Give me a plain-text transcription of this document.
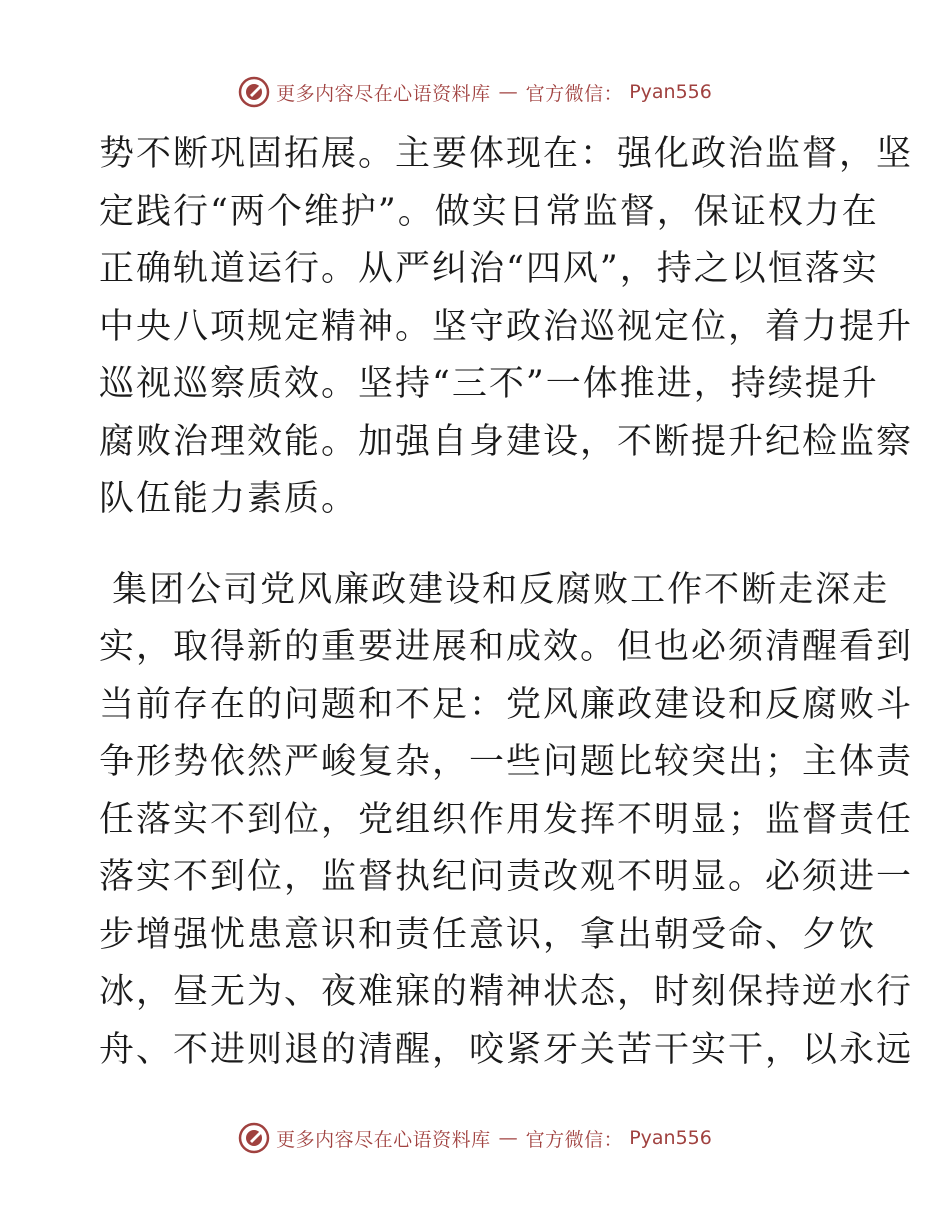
更多内容尽在心语资料库 — 官方微信： Pyan556

势不断巩固拓展。主要体现在：强化政治监督，坚
定践行“两个维护”。做实日常监督，保证权力在
正确轨道运行。从严纠治“四风”，持之以恒落实
中央八项规定精神。坚守政治巡视定位，着力提升
巡视巡察质效。坚持“三不”一体推进，持续提升
腐败治理效能。加强自身建设，不断提升纪检监察
队伍能力素质。

集团公司党风廉政建设和反腐败工作不断走深走
实，取得新的重要进展和成效。但也必须清醒看到
当前存在的问题和不足：党风廉政建设和反腐败斗
争形势依然严峻复杂，一些问题比较突出；主体责
任落实不到位，党组织作用发挥不明显；监督责任
落实不到位，监督执纪问责改观不明显。必须进一
步增强忧患意识和责任意识，拿出朝受命、夕饮
冰，昼无为、夜难寐的精神状态，时刻保持逆水行
舟、不进则退的清醒，咬紧牙关苦干实干，以永远

更多内容尽在心语资料库 — 官方微信： Pyan556
